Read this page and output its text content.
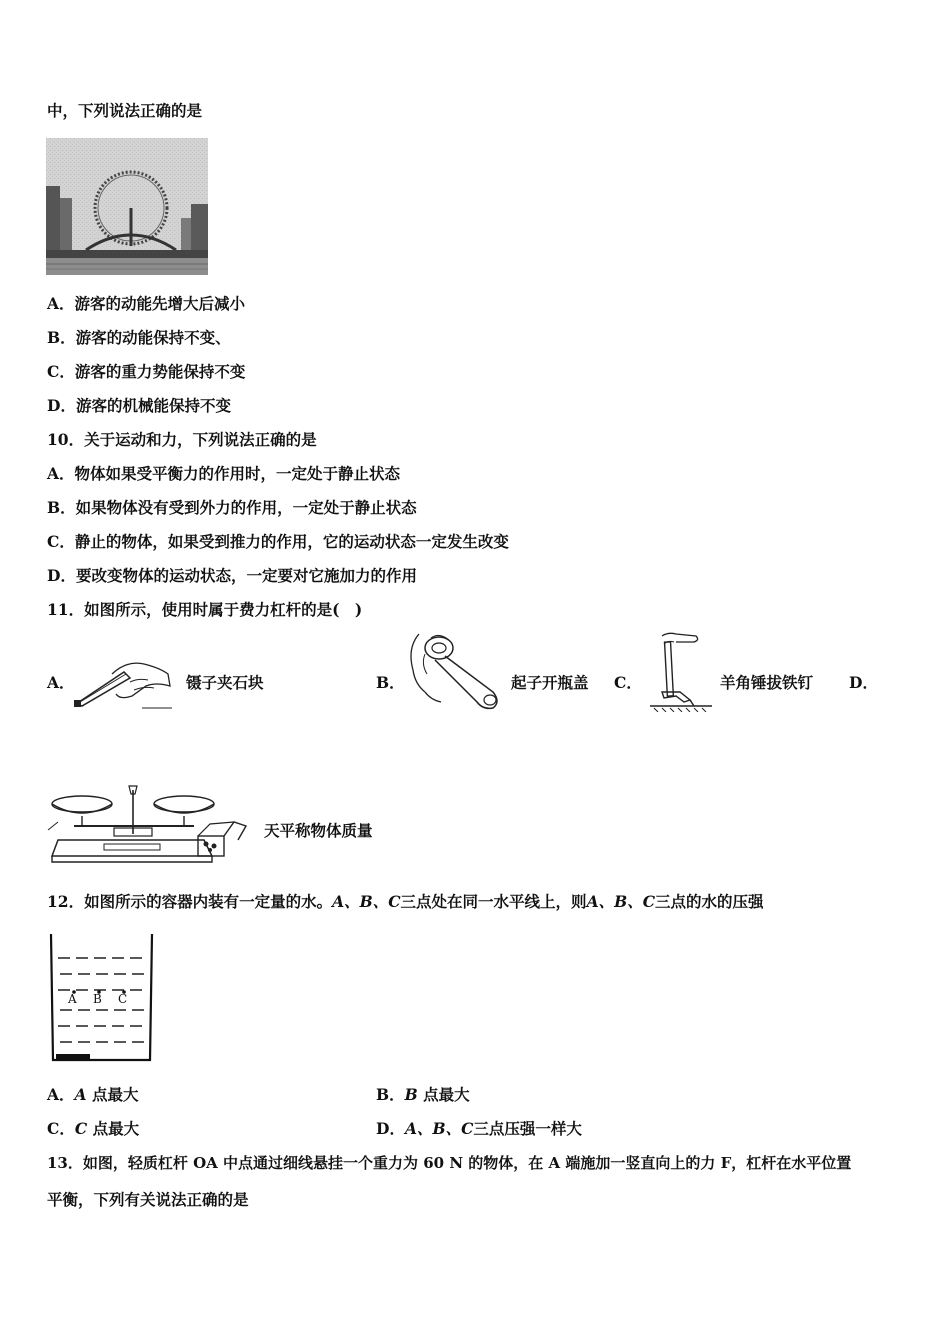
中，下列说法正确的是
A．游客的动能先增大后减小
B．游客的动能保持不变、
C．游客的重力势能保持不变
D．游客的机械能保持不变
10．关于运动和力，下列说法正确的是
A．物体如果受平衡力的作用时，一定处于静止状态
B．如果物体没有受到外力的作用，一定处于静止状态
C．静止的物体，如果受到推力的作用，它的运动状态一定发生改变
D．要改变物体的运动状态，一定要对它施加力的作用
11．如图所示，使用时属于费力杠杆的是(　)
A．	镊子夹石块	B．	起子开瓶盖 C．	羊角锤拔铁钉 D．
天平称物体质量
12．如图所示的容器内装有一定量的水。A、B、C三点处在同一水平线上，则A、B、C三点的水的压强
A B C
A．A 点最大	B．B 点最大
C．C 点最大	D．A、B、C三点压强一样大
13．如图，轻质杠杆 OA 中点通过细线悬挂一个重力为 60 N 的物体，在 A 端施加一竖直向上的力 F，杠杆在水平位置
平衡，下列有关说法正确的是
